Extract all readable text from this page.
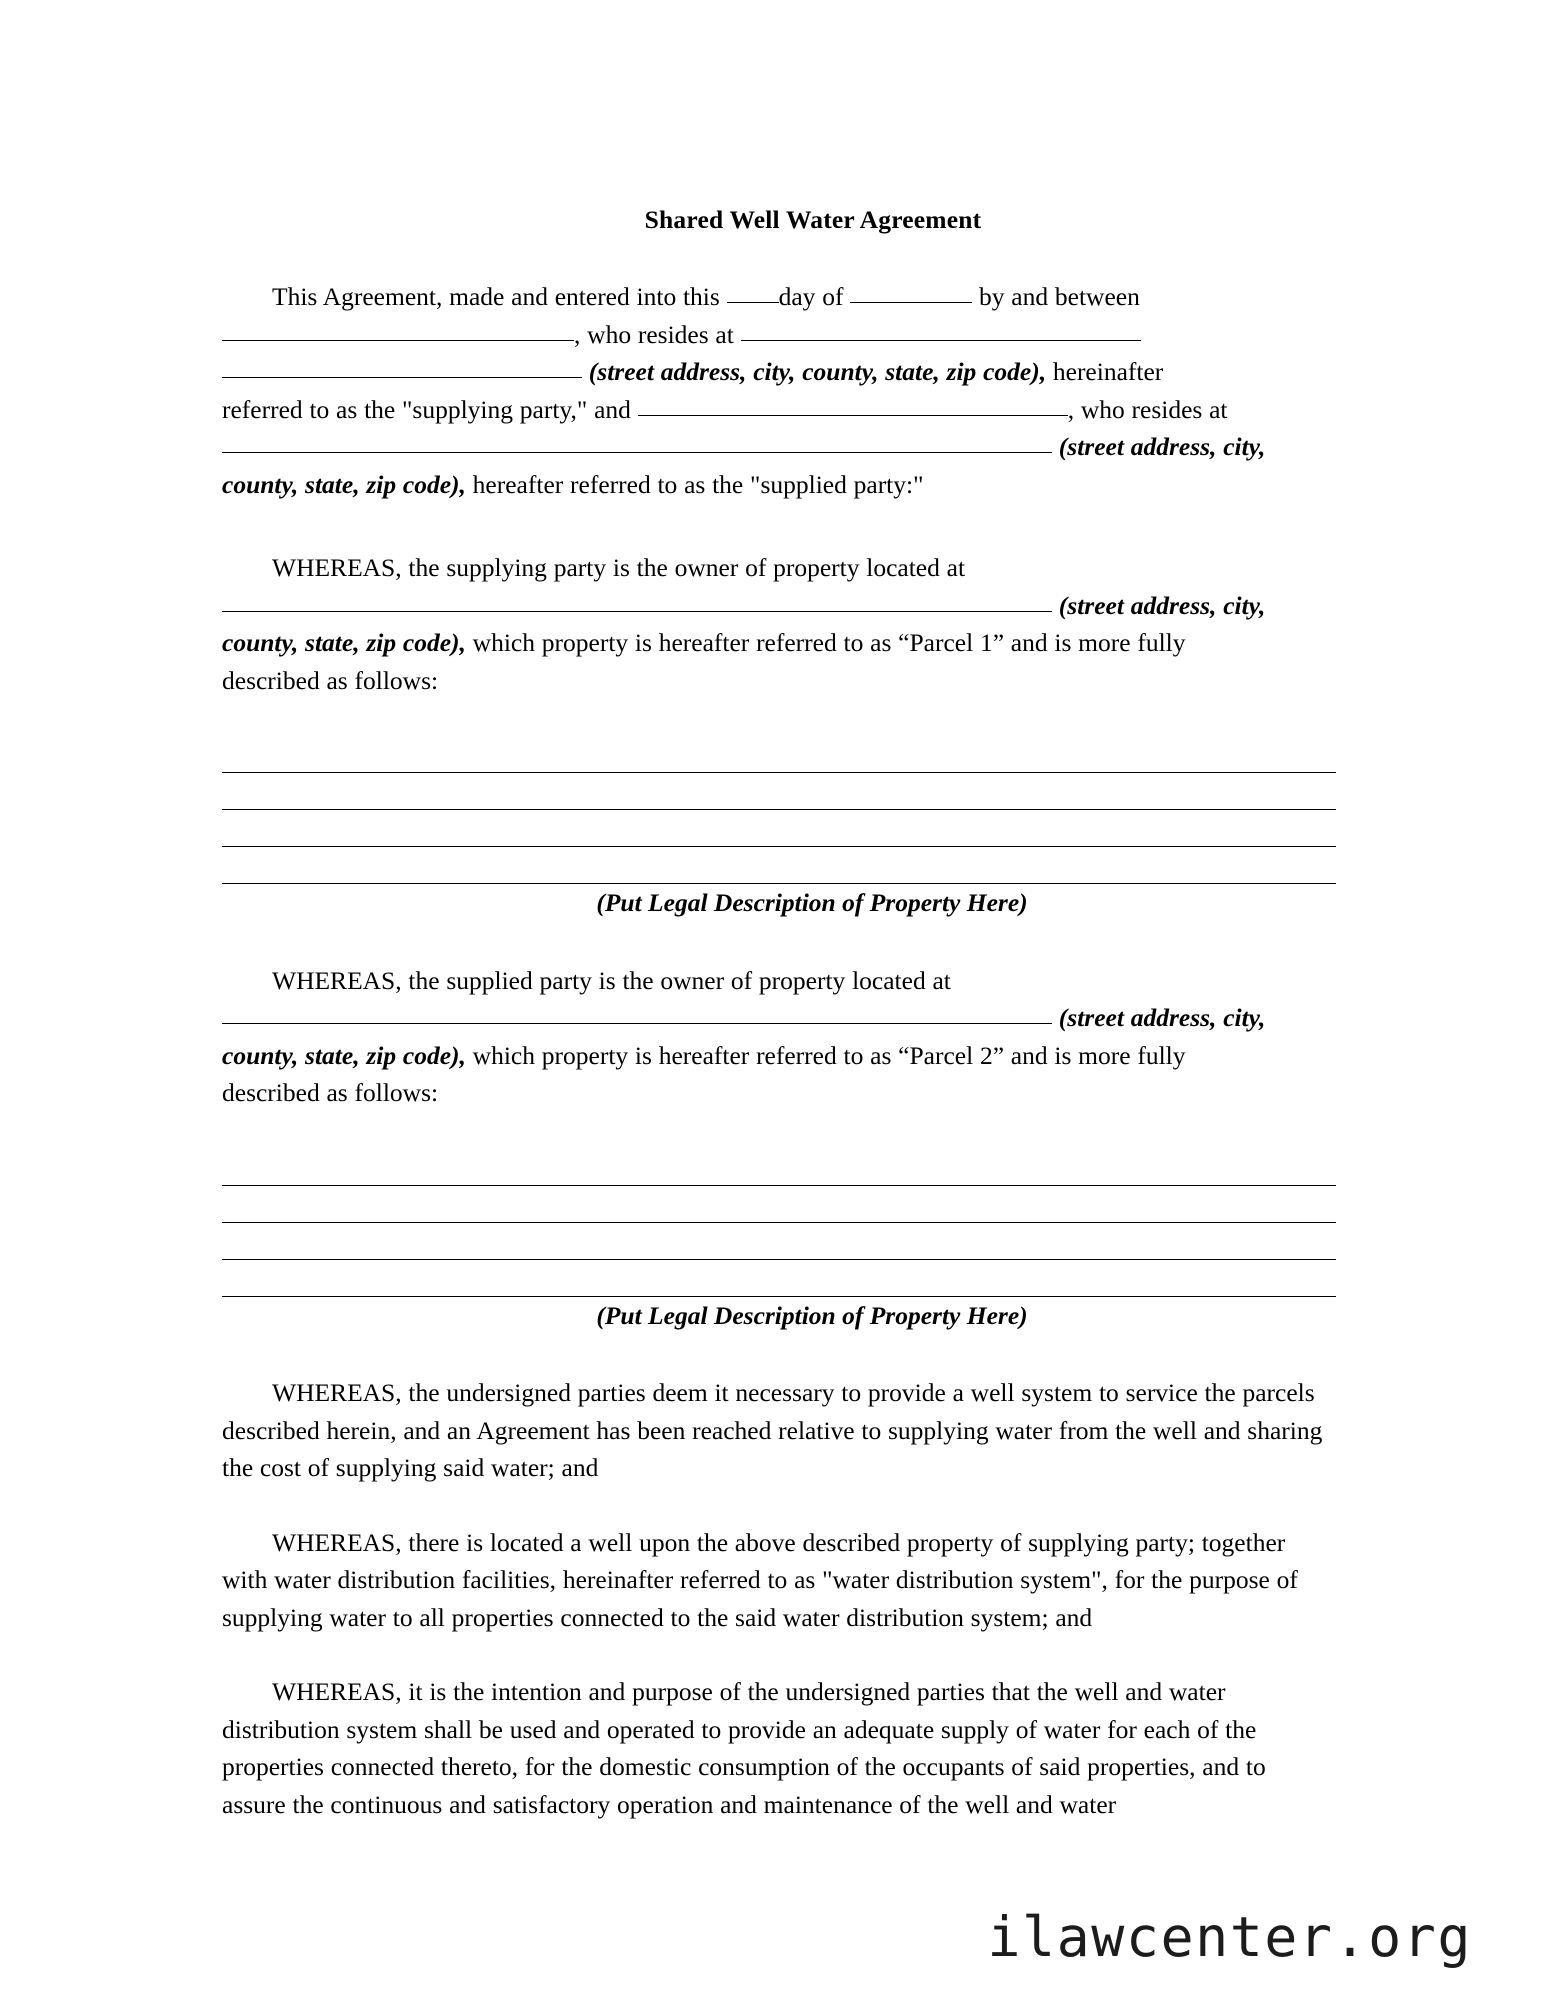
Shared Well Water Agreement

This Agreement, made and entered into this day of	by and between
, who resides at
(street address, city, county, state, zip code), hereinafter
referred to as the "supplying party," and	, who resides at
(street address, city,
county, state, zip code), hereafter referred to as the "supplied party:"

WHEREAS, the supplying party is the owner of property located at
(street address, city,
county, state, zip code), which property is hereafter referred to as “Parcel 1” and is more fully
described as follows:

(Put Legal Description of Property Here)

WHEREAS, the supplied party is the owner of property located at
(street address, city,
county, state, zip code), which property is hereafter referred to as “Parcel 2” and is more fully
described as follows:

(Put Legal Description of Property Here)

WHEREAS, the undersigned parties deem it necessary to provide a well system to service the parcels described herein, and an Agreement has been reached relative to supplying water from the well and sharing the cost of supplying said water; and

WHEREAS, there is located a well upon the above described property of supplying party; together with water distribution facilities, hereinafter referred to as "water distribution system", for the purpose of supplying water to all properties connected to the said water distribution system; and

WHEREAS, it is the intention and purpose of the undersigned parties that the well and water distribution system shall be used and operated to provide an adequate supply of water for each of the properties connected thereto, for the domestic consumption of the occupants of said properties, and to assure the continuous and satisfactory operation and maintenance of the well and water

ilawcenter.org
